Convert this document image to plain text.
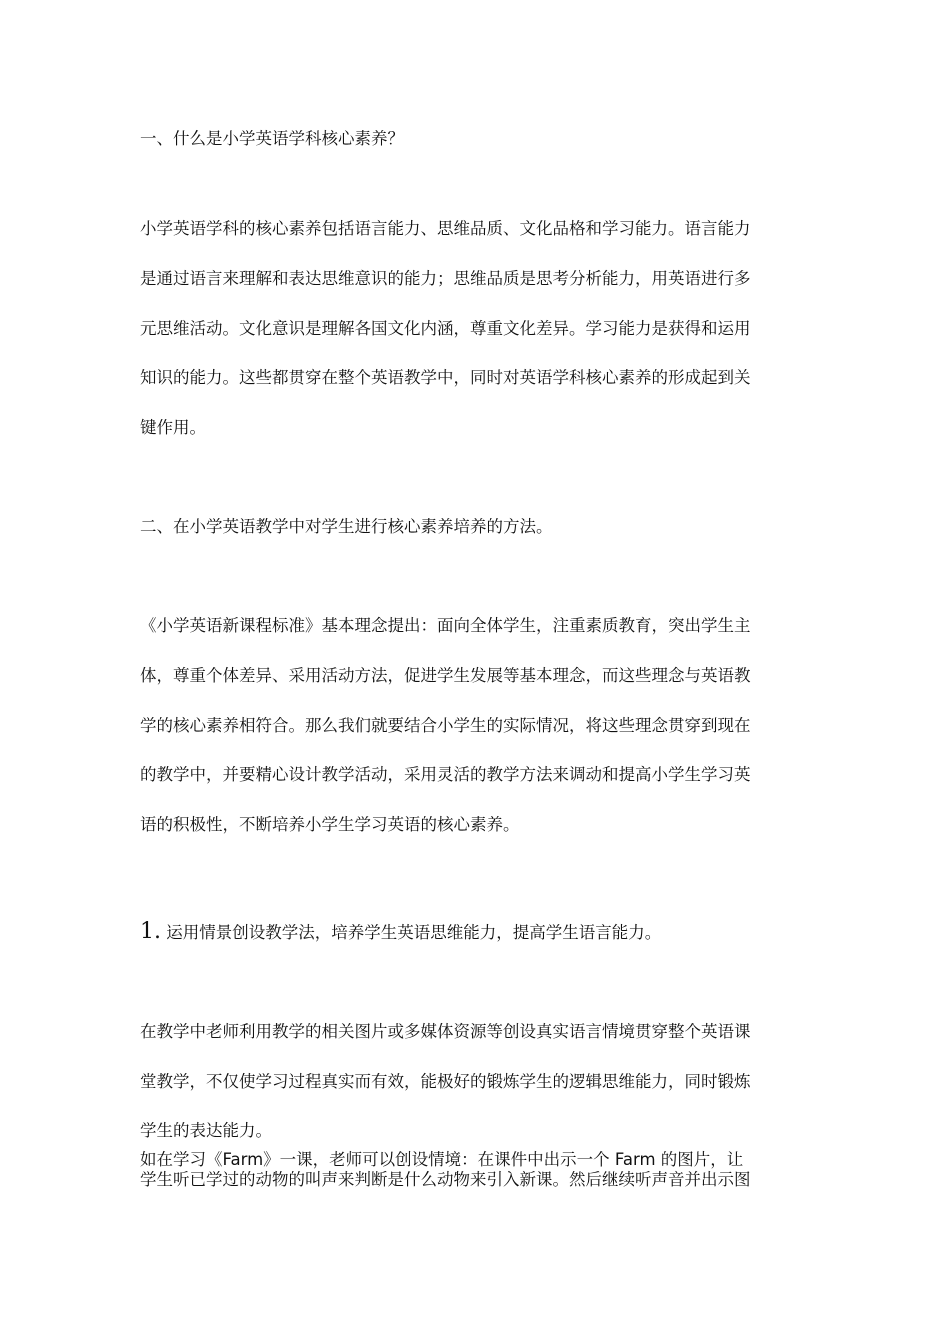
一、什么是小学英语学科核心素养？
小学英语学科的核心素养包括语言能力、思维品质、文化品格和学习能力。语言能力
是通过语言来理解和表达思维意识的能力；思维品质是思考分析能力，用英语进行多
元思维活动。文化意识是理解各国文化内涵，尊重文化差异。学习能力是获得和运用
知识的能力。这些都贯穿在整个英语教学中，同时对英语学科核心素养的形成起到关
键作用。
二、在小学英语教学中对学生进行核心素养培养的方法。
《小学英语新课程标准》基本理念提出：面向全体学生，注重素质教育，突出学生主
体，尊重个体差异、采用活动方法，促进学生发展等基本理念，而这些理念与英语教
学的核心素养相符合。那么我们就要结合小学生的实际情况，将这些理念贯穿到现在
的教学中，并要精心设计教学活动，采用灵活的教学方法来调动和提高小学生学习英
语的积极性，不断培养小学生学习英语的核心素养。
1. 运用情景创设教学法，培养学生英语思维能力，提高学生语言能力。
在教学中老师利用教学的相关图片或多媒体资源等创设真实语言情境贯穿整个英语课
堂教学，不仅使学习过程真实而有效，能极好的锻炼学生的逻辑思维能力，同时锻炼
学生的表达能力。
如在学习《Farm》一课，老师可以创设情境：在课件中出示一个 Farm 的图片，让
学生听已学过的动物的叫声来判断是什么动物来引入新课。然后继续听声音并出示图
